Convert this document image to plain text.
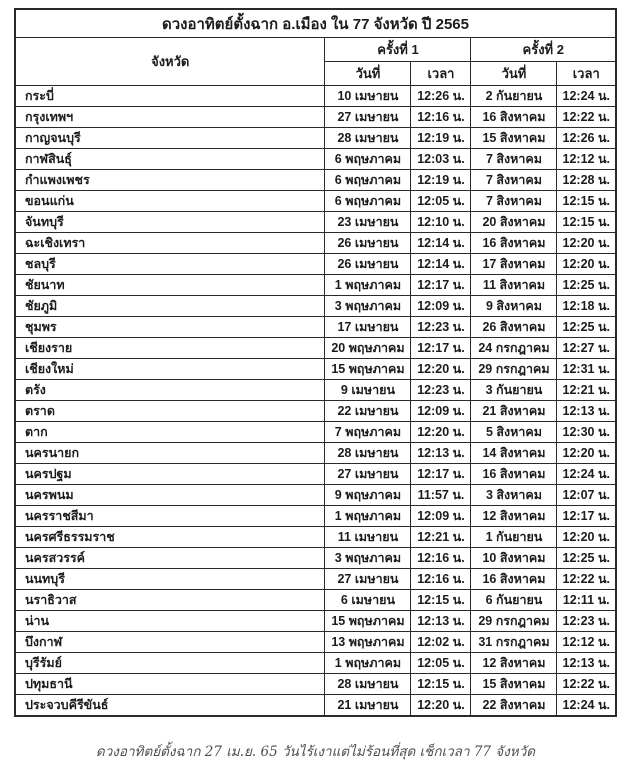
ดวงอาทิตย์ตั้งฉาก อ.เมือง ใน 77 จังหวัด ปี 2565				
จังหวัด	ครั้งที่ 1		ครั้งที่ 2	
	วันที่	เวลา	วันที่	เวลา
กระบี่	10 เมษายน	12:26 น.	2 กันยายน	12:24 น.
กรุงเทพฯ	27 เมษายน	12:16 น.	16 สิงหาคม	12:22 น.
กาญจนบุรี	28 เมษายน	12:19 น.	15 สิงหาคม	12:26 น.
กาฬสินธุ์	6 พฤษภาคม	12:03 น.	7 สิงหาคม	12:12 น.
กำแพงเพชร	6 พฤษภาคม	12:19 น.	7 สิงหาคม	12:28 น.
ขอนแก่น	6 พฤษภาคม	12:05 น.	7 สิงหาคม	12:15 น.
จันทบุรี	23 เมษายน	12:10 น.	20 สิงหาคม	12:15 น.
ฉะเชิงเทรา	26 เมษายน	12:14 น.	16 สิงหาคม	12:20 น.
ชลบุรี	26 เมษายน	12:14 น.	17 สิงหาคม	12:20 น.
ชัยนาท	1 พฤษภาคม	12:17 น.	11 สิงหาคม	12:25 น.
ชัยภูมิ	3 พฤษภาคม	12:09 น.	9 สิงหาคม	12:18 น.
ชุมพร	17 เมษายน	12:23 น.	26 สิงหาคม	12:25 น.
เชียงราย	20 พฤษภาคม	12:17 น.	24 กรกฎาคม	12:27 น.
เชียงใหม่	15 พฤษภาคม	12:20 น.	29 กรกฎาคม	12:31 น.
ตรัง	9 เมษายน	12:23 น.	3 กันยายน	12:21 น.
ตราด	22 เมษายน	12:09 น.	21 สิงหาคม	12:13 น.
ตาก	7 พฤษภาคม	12:20 น.	5 สิงหาคม	12:30 น.
นครนายก	28 เมษายน	12:13 น.	14 สิงหาคม	12:20 น.
นครปฐม	27 เมษายน	12:17 น.	16 สิงหาคม	12:24 น.
นครพนม	9 พฤษภาคม	11:57 น.	3 สิงหาคม	12:07 น.
นครราชสีมา	1 พฤษภาคม	12:09 น.	12 สิงหาคม	12:17 น.
นครศรีธรรมราช	11 เมษายน	12:21 น.	1 กันยายน	12:20 น.
นครสวรรค์	3 พฤษภาคม	12:16 น.	10 สิงหาคม	12:25 น.
นนทบุรี	27 เมษายน	12:16 น.	16 สิงหาคม	12:22 น.
นราธิวาส	6 เมษายน	12:15 น.	6 กันยายน	12:11 น.
น่าน	15 พฤษภาคม	12:13 น.	29 กรกฎาคม	12:23 น.
บึงกาฬ	13 พฤษภาคม	12:02 น.	31 กรกฎาคม	12:12 น.
บุรีรัมย์	1 พฤษภาคม	12:05 น.	12 สิงหาคม	12:13 น.
ปทุมธานี	28 เมษายน	12:15 น.	15 สิงหาคม	12:22 น.
ประจวบคีรีขันธ์	21 เมษายน	12:20 น.	22 สิงหาคม	12:24 น.
ดวงอาทิตย์ตั้งฉาก 27 เม.ย. 65 วันไร้เงาแต่ไม่ร้อนที่สุด เช็กเวลา 77 จังหวัด
